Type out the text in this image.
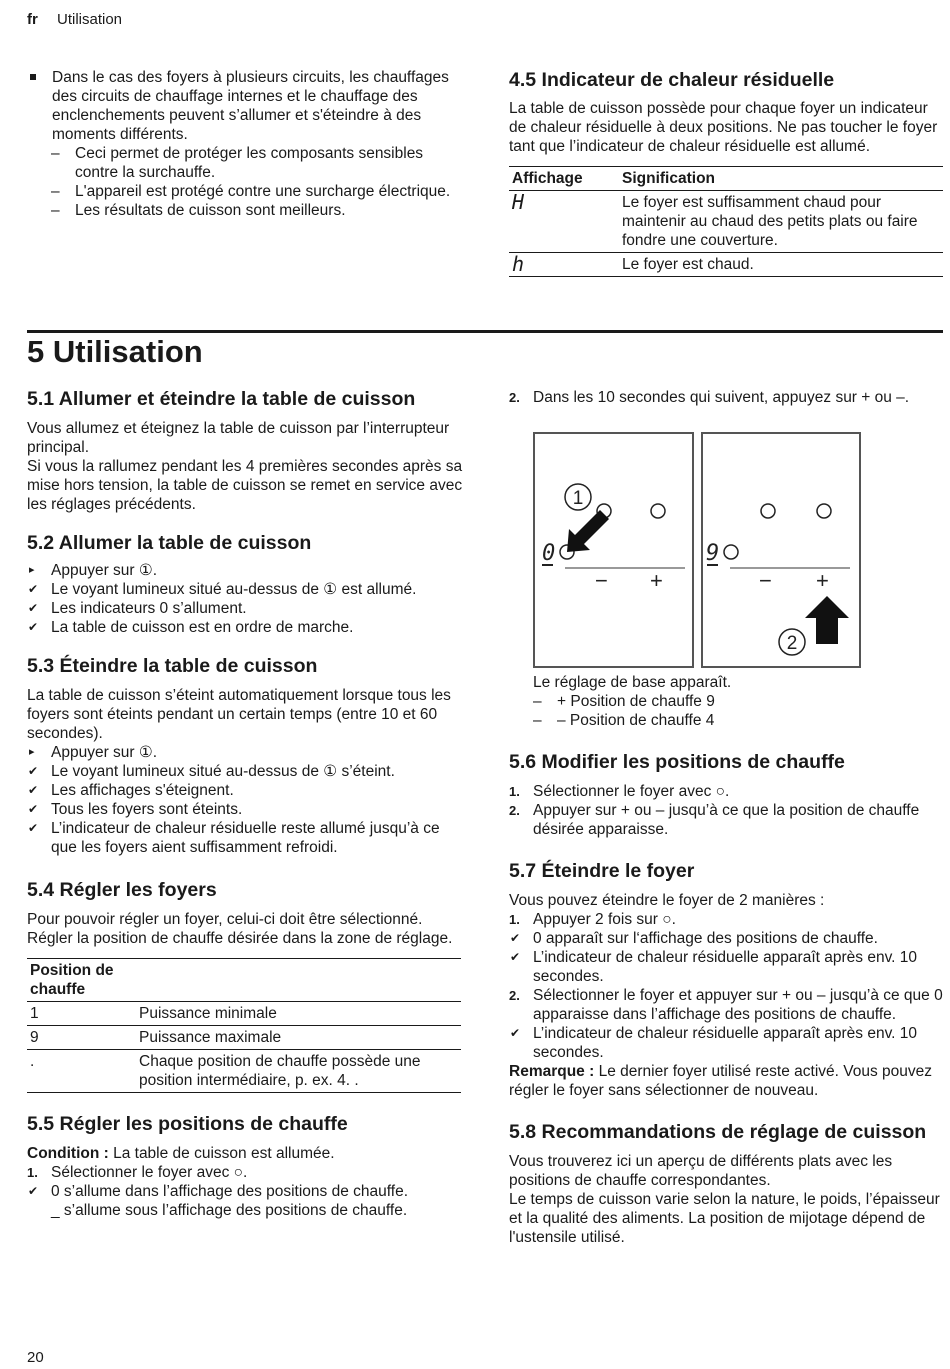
fr Utilisation

Dans le cas des foyers à plusieurs circuits, les chauffages des circuits de chauffage internes et le chauffage des enclenchements peuvent s’allumer et s'éteindre à des moments différents.

– Ceci permet de protéger les composants sensibles contre la surchauffe.

– L'appareil est protégé contre une surcharge électrique.

– Les résultats de cuisson sont meilleurs.

4.5 Indicateur de chaleur résiduelle

La table de cuisson possède pour chaque foyer un indicateur de chaleur résiduelle à deux positions. Ne pas toucher le foyer tant que l’indicateur de chaleur résiduelle est allumé.

Affichage	Signification
H	Le foyer est suffisamment chaud pour maintenir au chaud des petits plats ou faire fondre une couverture.
h	Le foyer est chaud.
5 Utilisation
5.1 Allumer et éteindre la table de cuisson

Vous allumez et éteignez la table de cuisson par l’interrupteur principal.

Si vous la rallumez pendant les 4 premières secondes après sa mise hors tension, la table de cuisson se remet en service avec les réglages précédents.

5.2 Allumer la table de cuisson

▸ Appuyer sur ①.

✔ Le voyant lumineux situé au-dessus de ① est allumé.

✔ Les indicateurs 0 s’allument.

✔ La table de cuisson est en ordre de marche.

5.3 Éteindre la table de cuisson

La table de cuisson s’éteint automatiquement lorsque tous les foyers sont éteints pendant un certain temps (entre 10 et 60 secondes).

▸ Appuyer sur ①.

✔ Le voyant lumineux situé au-dessus de ① s’éteint.

✔ Les affichages s'éteignent.

✔ Tous les foyers sont éteints.

✔ L’indicateur de chaleur résiduelle reste allumé jusqu’à ce que les foyers aient suffisamment refroidi.

5.4 Régler les foyers

Pour pouvoir régler un foyer, celui-ci doit être sélectionné.

Régler la position de chauffe désirée dans la zone de réglage.

Position de chauffe	
1	Puissance minimale
9	Puissance maximale
.	Chaque position de chauffe possède une position intermédiaire, p. ex. 4. .
5.5 Régler les positions de chauffe

Condition : La table de cuisson est allumée.

1. Sélectionner le foyer avec ○.

✔ 0 s’allume dans l’affichage des positions de chauffe.

_ s’allume sous l’affichage des positions de chauffe.

2. Dans les 10 secondes qui suivent, appuyez sur + ou –.

0
− +
1
9
− +
2

Le réglage de base apparaît.

– + Position de chauffe 9

– – Position de chauffe 4

5.6 Modifier les positions de chauffe

1. Sélectionner le foyer avec ○.

2. Appuyer sur + ou – jusqu’à ce que la position de chauffe désirée apparaisse.

5.7 Éteindre le foyer

Vous pouvez éteindre le foyer de 2 manières :

1. Appuyer 2 fois sur ○.

✔ 0 apparaît sur l‘affichage des positions de chauffe.

✔ L’indicateur de chaleur résiduelle apparaît après env. 10 secondes.

2. Sélectionner le foyer et appuyer sur + ou – jusqu’à ce que 0 apparaisse dans l’affichage des positions de chauffe.

✔ L’indicateur de chaleur résiduelle apparaît après env. 10 secondes.

Remarque : Le dernier foyer utilisé reste activé. Vous pouvez régler le foyer sans sélectionner de nouveau.

5.8 Recommandations de réglage de cuisson

Vous trouverez ici un aperçu de différents plats avec les positions de chauffe correspondantes.

Le temps de cuisson varie selon la nature, le poids, l’épaisseur et la qualité des aliments. La position de mijotage dépend de l'ustensile utilisé.

20
